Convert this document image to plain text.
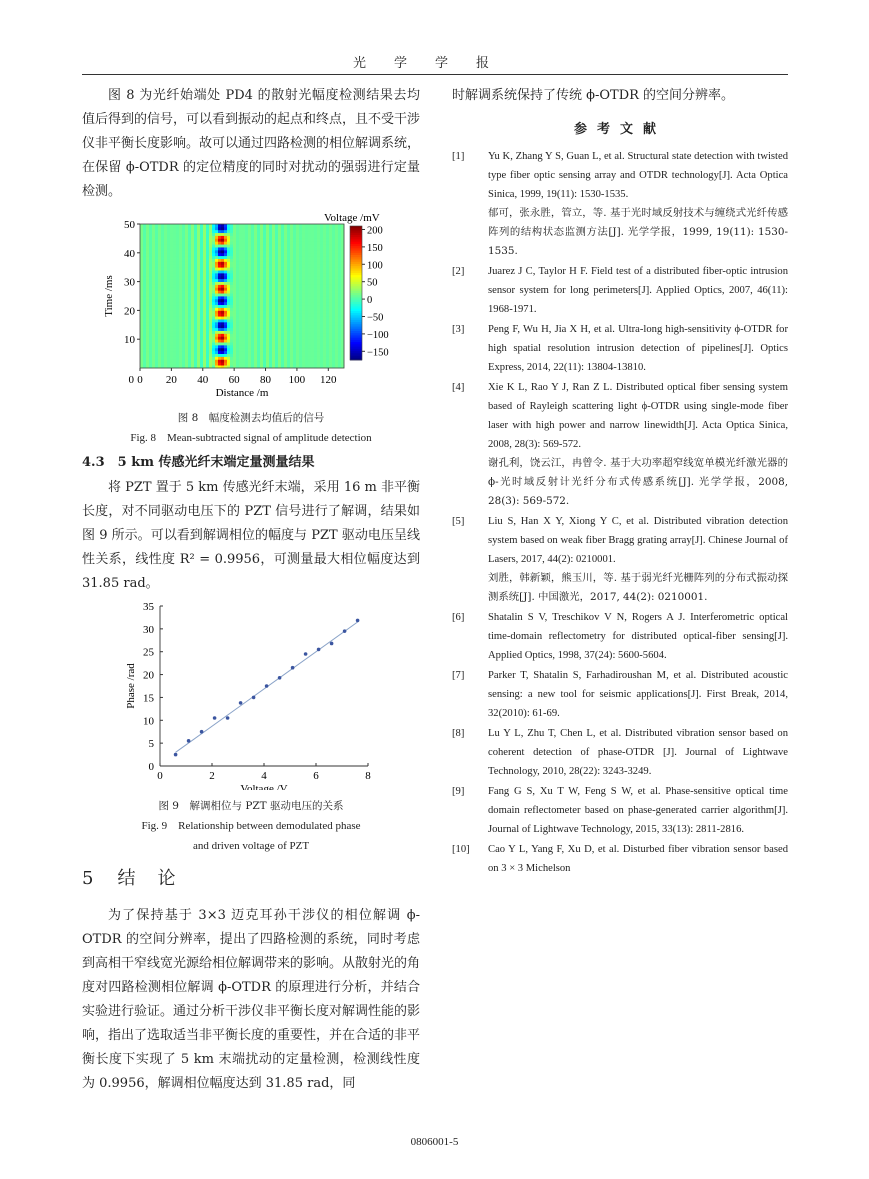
光学学报

图 8 为光纤始端处 PD4 的散射光幅度检测结果去均值后得到的信号，可以看到振动的起点和终点，且不受干涉仪非平衡长度影响。故可以通过四路检测的相位解调系统，在保留 ϕ-OTDR 的定位精度的同时对扰动的强弱进行定量检测。

0 20 40 60 80 100 120
10
20
30
40
50
0
Distance /m
Time /ms
200
150
100
50
0
−50
−100
−150
Voltage /mV
图 8　幅度检测去均值后的信号
Fig. 8　Mean-subtracted signal of amplitude detection
4.3　5 km 传感光纤末端定量测量结果

将 PZT 置于 5 km 传感光纤末端，采用 16 m 非平衡长度，对不同驱动电压下的 PZT 信号进行了解调，结果如图 9 所示。可以看到解调相位的幅度与 PZT 驱动电压呈线性关系，线性度 R² = 0.9956，可测量最大相位幅度达到 31.85 rad。

0	2	4	6	8
0
5
10
15
20
25
30
35
Voltage /V
Phase /rad
图 9　解调相位与 PZT 驱动电压的关系
Fig. 9　Relationship between demodulated phase
and driven voltage of PZT
5 结　论

为了保持基于 3×3 迈克耳孙干涉仪的相位解调 ϕ-OTDR 的空间分辨率，提出了四路检测的系统，同时考虑到高相干窄线宽光源给相位解调带来的影响。从散射光的角度对四路检测相位解调 ϕ-OTDR 的原理进行分析，并结合实验进行验证。通过分析干涉仪非平衡长度对解调性能的影响，指出了选取适当非平衡长度的重要性，并在合适的非平衡长度下实现了 5 km 末端扰动的定量检测，检测线性度为 0.9956，解调相位幅度达到 31.85 rad，同

时解调系统保持了传统 ϕ-OTDR 的空间分辨率。

参考文献
[1] Yu K, Zhang Y S, Guan L, et al. Structural state detection with twisted type fiber optic sensing array and OTDR technology[J]. Acta Optica Sinica, 1999, 19(11): 1530-1535.
郁可，张永胜，管立，等. 基于光时域反射技术与缠绕式光纤传感阵列的结构状态监测方法[J]. 光学学报，1999, 19(11): 1530-1535.
[2] Juarez J C, Taylor H F. Field test of a distributed fiber-optic intrusion sensor system for long perimeters[J]. Applied Optics, 2007, 46(11): 1968-1971.
[3] Peng F, Wu H, Jia X H, et al. Ultra-long high-sensitivity ϕ-OTDR for high spatial resolution intrusion detection of pipelines[J]. Optics Express, 2014, 22(11): 13804-13810.
[4] Xie K L, Rao Y J, Ran Z L. Distributed optical fiber sensing system based of Rayleigh scattering light ϕ-OTDR using single-mode fiber laser with high power and narrow linewidth[J]. Acta Optica Sinica, 2008, 28(3): 569-572.
谢孔利，饶云江，冉曾令. 基于大功率超窄线宽单模光纤激光器的 ϕ-光时域反射计光纤分布式传感系统[J]. 光学学报，2008, 28(3): 569-572.
[5] Liu S, Han X Y, Xiong Y C, et al. Distributed vibration detection system based on weak fiber Bragg grating array[J]. Chinese Journal of Lasers, 2017, 44(2): 0210001.
刘胜，韩新颖，熊玉川，等. 基于弱光纤光栅阵列的分布式振动探测系统[J]. 中国激光，2017, 44(2): 0210001.
[6] Shatalin S V, Treschikov V N, Rogers A J. Interferometric optical time-domain reflectometry for distributed optical-fiber sensing[J]. Applied Optics, 1998, 37(24): 5600-5604.
[7] Parker T, Shatalin S, Farhadiroushan M, et al. Distributed acoustic sensing: a new tool for seismic applications[J]. First Break, 2014, 32(2010): 61-69.
[8] Lu Y L, Zhu T, Chen L, et al. Distributed vibration sensor based on coherent detection of phase-OTDR [J]. Journal of Lightwave Technology, 2010, 28(22): 3243-3249.
[9] Fang G S, Xu T W, Feng S W, et al. Phase-sensitive optical time domain reflectometer based on phase-generated carrier algorithm[J]. Journal of Lightwave Technology, 2015, 33(13): 2811-2816.
[10] Cao Y L, Yang F, Xu D, et al. Disturbed fiber vibration sensor based on 3 × 3 Michelson
0806001-5
